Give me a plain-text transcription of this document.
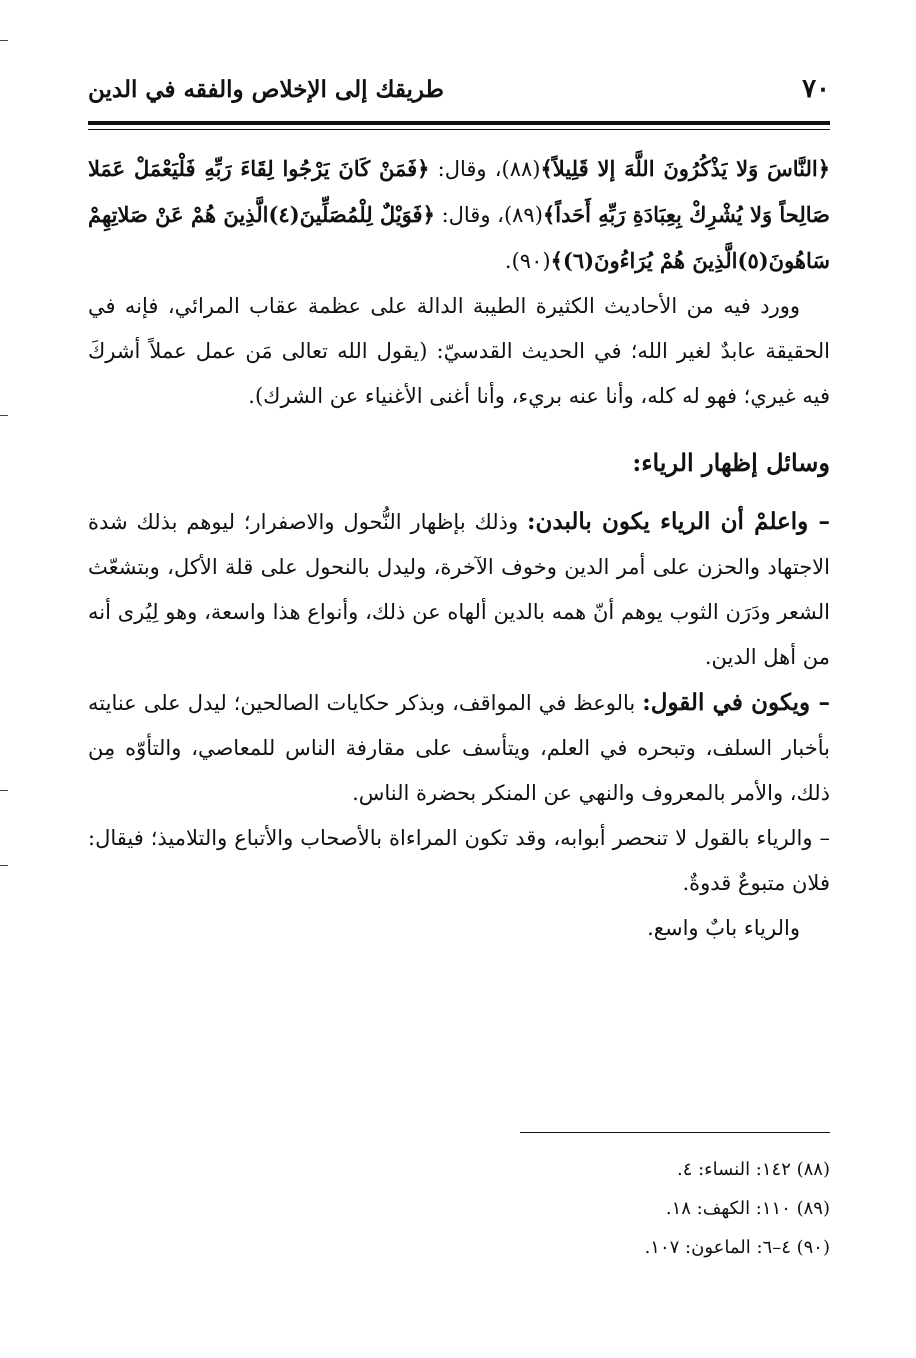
٧٠
طريقك إلى الإخلاص والفقه في الدين

﴿النَّاسَ وَلا يَذْكُرُونَ اللَّهَ إلا قَلِيلاً﴾(٨٨)، وقال: ﴿فَمَنْ كَانَ يَرْجُوا لِقَاءَ رَبِّهِ فَلْيَعْمَلْ عَمَلا صَالِحاً وَلا يُشْرِكْ بِعِبَادَةِ رَبِّهِ أَحَداً﴾(٨٩)، وقال: ﴿فَوَيْلٌ لِلْمُصَلِّينَ(٤)الَّذِينَ هُمْ عَنْ صَلاتِهِمْ سَاهُونَ(٥)الَّذِينَ هُمْ يُرَاءُونَ(٦)﴾(٩٠).

وورد فيه من الأحاديث الكثيرة الطيبة الدالة على عظمة عقاب المرائي، فإنه في الحقيقة عابدٌ لغير الله؛ في الحديث القدسيّ: (يقول الله تعالى مَن عمل عملاً أشركَ فيه غيري؛ فهو له كله، وأنا عنه بريء، وأنا أغنى الأغنياء عن الشرك).

وسائل إظهار الرياء:

– واعلمْ أن الرياء يكون بالبدن: وذلك بإظهار النُّحول والاصفرار؛ ليوهم بذلك شدة الاجتهاد والحزن على أمر الدين وخوف الآخرة، وليدل بالنحول على قلة الأكل، وبتشعّث الشعر ودَرَن الثوب يوهم أنّ همه بالدين ألهاه عن ذلك، وأنواع هذا واسعة، وهو لِيُرى أنه من أهل الدين.

– ويكون في القول: بالوعظ في المواقف، وبذكر حكايات الصالحين؛ ليدل على عنايته بأخبار السلف، وتبحره في العلم، ويتأسف على مقارفة الناس للمعاصي، والتأوّه مِن ذلك، والأمر بالمعروف والنهي عن المنكر بحضرة الناس.

– والرياء بالقول لا تنحصر أبوابه، وقد تكون المراءاة بالأصحاب والأتباع والتلاميذ؛ فيقال: فلان متبوعٌ قدوةٌ.

والرياء بابٌ واسع.

(٨٨) ١٤٢: النساء: ٤.

(٨٩) ١١٠: الكهف: ١٨.

(٩٠) ٤–٦: الماعون: ١٠٧.
